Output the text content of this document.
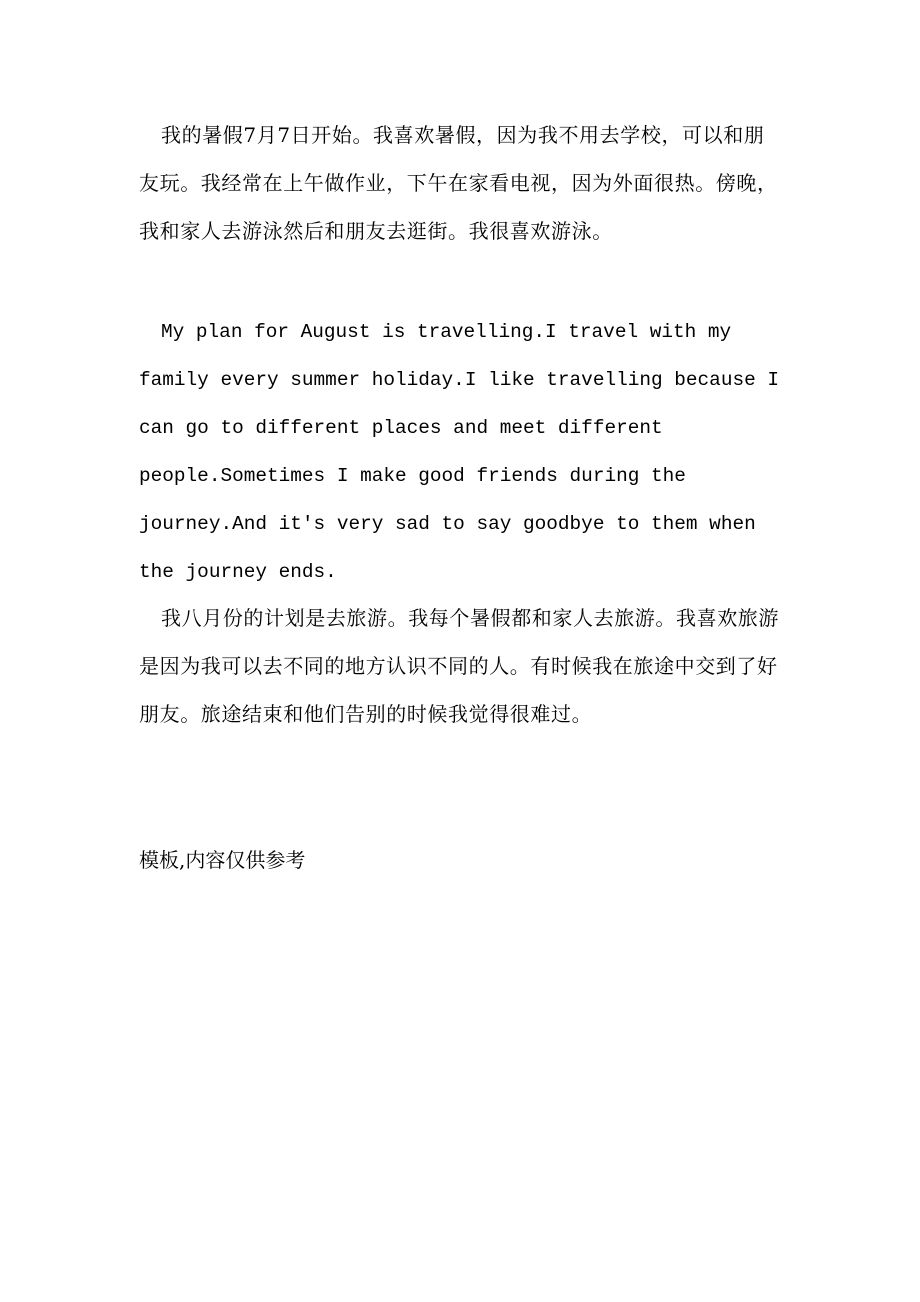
我的暑假7月7日开始。我喜欢暑假，因为我不用去学校，可以和朋友玩。我经常在上午做作业，下午在家看电视，因为外面很热。傍晚，我和家人去游泳然后和朋友去逛街。我很喜欢游泳。

My plan for August is travelling.I travel with my family every summer holiday.I like travelling because I can go to different places and meet different people.Sometimes I make good friends during the journey.And it's very sad to say goodbye to them when the journey ends.

我八月份的计划是去旅游。我每个暑假都和家人去旅游。我喜欢旅游是因为我可以去不同的地方认识不同的人。有时候我在旅途中交到了好朋友。旅途结束和他们告别的时候我觉得很难过。

模板,内容仅供参考
